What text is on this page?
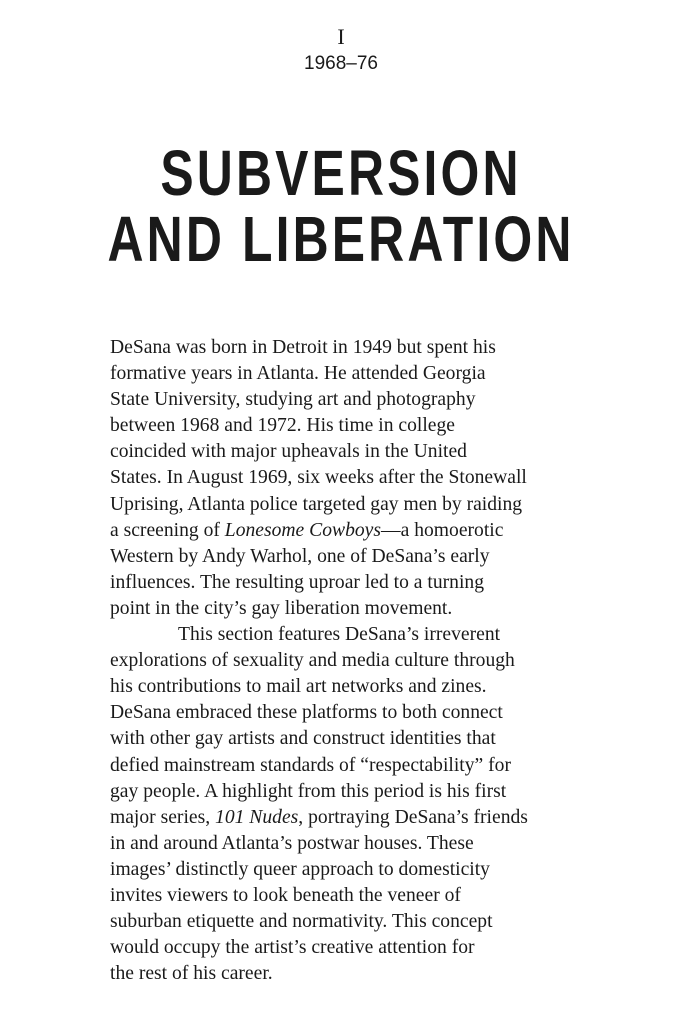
I
1968–76
SUBVERSION
AND LIBERATION
DeSana was born in Detroit in 1949 but spent his
formative years in Atlanta. He attended Georgia
State University, studying art and photography
between 1968 and 1972. His time in college
coincided with major upheavals in the United
States. In August 1969, six weeks after the Stonewall
Uprising, Atlanta police targeted gay men by raiding
a screening of Lonesome Cowboys—a homoerotic
Western by Andy Warhol, one of DeSana’s early
influences. The resulting uproar led to a turning
point in the city’s gay liberation movement.
This section features DeSana’s irreverent
explorations of sexuality and media culture through
his contributions to mail art networks and zines.
DeSana embraced these platforms to both connect
with other gay artists and construct identities that
defied mainstream standards of “respectability” for
gay people. A highlight from this period is his first
major series, 101 Nudes, portraying DeSana’s friends
in and around Atlanta’s postwar houses. These
images’ distinctly queer approach to domesticity
invites viewers to look beneath the veneer of
suburban etiquette and normativity. This concept
would occupy the artist’s creative attention for
the rest of his career.
